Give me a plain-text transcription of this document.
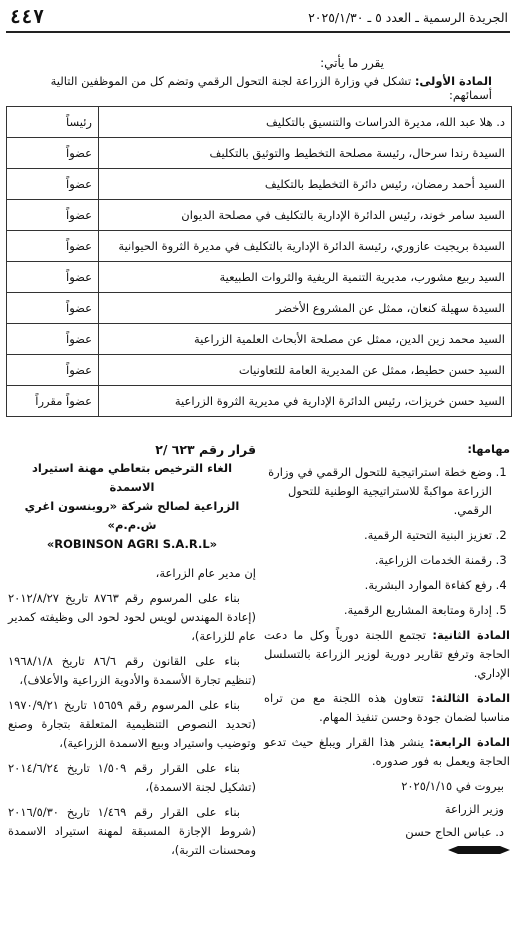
٤٤٧	الجريدة الرسمية ـ العدد ٥ ـ ٢٠٢٥/١/٣٠
يقرر ما يأتي:
المادة الأولى: تشكل في وزارة الزراعة لجنة التحول الرقمي وتضم كل من الموظفين التالية أسمائهم:
د. هلا عبد الله، مديرة الدراسات والتنسيق بالتكليف	رئيساً
السيدة رندا سرحال، رئيسة مصلحة التخطيط والتوثيق بالتكليف	عضواً
السيد أحمد رمضان، رئيس دائرة التخطيط بالتكليف	عضواً
السيد سامر خوند، رئيس الدائرة الإدارية بالتكليف في مصلحة الديوان	عضواً
السيدة بريجيت عازوري، رئيسة الدائرة الإدارية بالتكليف في مديرة الثروة الحيوانية	عضواً
السيد ربيع مشورب، مديرية التنمية الريفية والثروات الطبيعية	عضواً
السيدة سهيلة كنعان، ممثل عن المشروع الأخضر	عضواً
السيد محمد زين الدين، ممثل عن مصلحة الأبحاث العلمية الزراعية	عضواً
السيد حسن حطيط، ممثل عن المديرية العامة للتعاونيات	عضواً
السيد حسن خريزات، رئيس الدائرة الإدارية في مديرية الثروة الزراعية	عضواً مقرراً
مهامها:
1. وضع خطة استراتيجية للتحول الرقمي في وزارة الزراعة مواكبةً للاستراتيجية الوطنية للتحول الرقمي.
2. تعزيز البنية التحتية الرقمية.
3. رقمنة الخدمات الزراعية.
4. رفع كفاءة الموارد البشرية.
5. إدارة ومتابعة المشاريع الرقمية.

المادة الثانية: تجتمع اللجنة دورياً وكل ما دعت الحاجة وترفع تقارير دورية لوزير الزراعة بالتسلسل الإداري.

المادة الثالثة: تتعاون هذه اللجنة مع من تراه مناسبا لضمان جودة وحسن تنفيذ المهام.

المادة الرابعة: ينشر هذا القرار ويبلغ حيث تدعو الحاجة ويعمل به فور صدوره.

بيروت في ٢٠٢٥/١/١٥
وزير الزراعة
د. عباس الحاج حسن
قرار رقم ٦٢٣ /٢
الغاء الترخيص بتعاطي مهنة استيراد الاسمدة
الزراعية لصالح شركة «روبنسون اغري ش.م.م»
«ROBINSON AGRI S.A.R.L»

إن مدير عام الزراعة،

بناء على المرسوم رقم ٨٧٦٣ تاريخ ٢٠١٢/٨/٢٧ (إعادة المهندس لويس لحود لحود الى وظيفته كمدير عام للزراعة)،

بناء على القانون رقم ٨٦/٦ تاريخ ١٩٦٨/١/٨ (تنظيم تجارة الأسمدة والأدوية الزراعية والأعلاف)،

بناء على المرسوم رقم ١٥٦٥٩ تاريخ ١٩٧٠/٩/٢١ (تحديد النصوص التنظيمية المتعلقة بتجارة وصنع وتوضيب واستيراد وبيع الاسمدة الزراعية)،

بناء على القرار رقم ١/٥٠٩ تاريخ ٢٠١٤/٦/٢٤ (تشكيل لجنة الاسمدة)،

بناء على القرار رقم ١/٤٦٩ تاريخ ٢٠١٦/٥/٣٠ (شروط الإجازة المسبقة لمهنة استيراد الاسمدة ومحسنات التربة)،
